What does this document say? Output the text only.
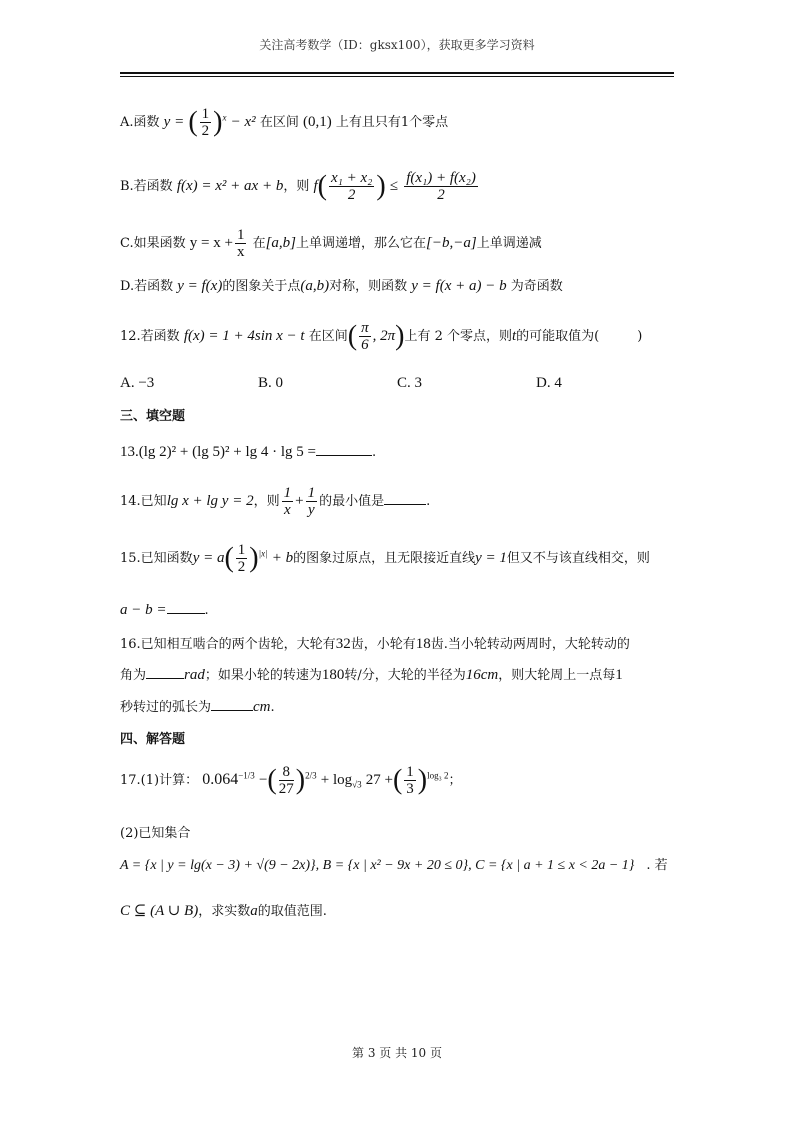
关注高考数学（ID：gksx100），获取更多学习资料
A.函数 y = ( $\frac{1}{2} )^x - x^2$ 在区间 (0,1) 上有且只有1个零点
B.若函数 f(x) = x² + ax + b，则 $f( \frac{\text{x₁ + x₂}}{2}$ ) ≤ $\frac{\text{f(x₁) + f(x₂)}}{2}$
C.如果函数 $y = x + \frac{1}{x}$ 在[a,b]上单调递增，那么它在[−b,−a]上单调递减
D.若函数 y = f(x)的图象关于点(a,b)对称，则函数 y = f(x + a) − b 为奇函数
12.若函数 f(x) = 1 + 4sin x − t 在区间( $\frac{\pi}{6}$ , 2π)上有 2 个零点，则t的可能取值为(	)
A. −3	B. 0	C. 3	D. 4
三、填空题
13.(lg 2)² + (lg 5)² + lg 4 · lg 5 =	.
14.已知lg x + lg y = 2，则 $\frac{1}{x} + \frac{1}{y}$ 的最小值是	.
15.已知函数$y = a( \frac{1}{2} )^{|x|} + b$的图象过原点，且无限接近直线y = 1但又不与该直线相交，则
a − b =	.
16.已知相互啮合的两个齿轮，大轮有32齿，小轮有18齿.当小轮转动两周时，大轮转动的
角为	rad；如果小轮的转速为180转/分，大轮的半径为16cm，则大轮周上一点每1
秒转过的弧长为	cm.
四、解答题
17.(1)计算： $0.064^{-1/3}$ −( $\frac{8}{27} )^{2/3} + \log_{√3} 27$ +( $\frac{1}{3} )^{log_3 2}$；
(2)已知集合
A = {x | y = lg(x − 3) + √(9 − 2x)}, B = {x | x² − 9x + 20 ≤ 0}, C = {x | a + 1 ≤ x < 2a − 1} . 若
C ⊆ (A ∪ B)，求实数a的取值范围.
第 3 页 共 10 页
